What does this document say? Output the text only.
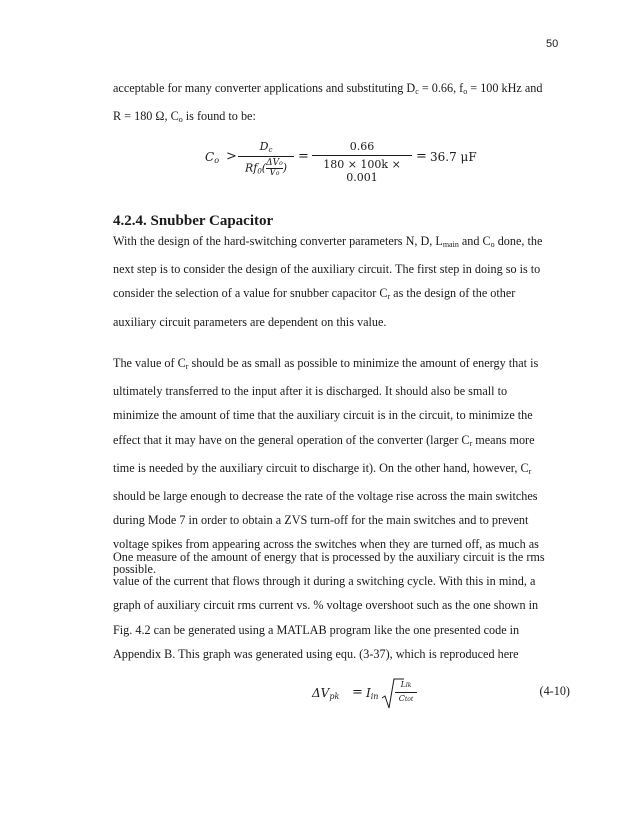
50
acceptable for many converter applications and substituting $D_c = 0.66$, $f_o = 100$ kHz and
R = 180 Ω, $C_o$ is found to be:
Co >
Dc
Rf0( ΔVo
Vo )
=
0.66
180 × 100k × 0.001
= 36.7 μF
4.2.4. Snubber Capacitor
With the design of the hard-switching converter parameters N, D, $L_{main}$ and $C_o$ done, the
next step is to consider the design of the auxiliary circuit. The first step in doing so is to
consider the selection of a value for snubber capacitor $C_r$ as the design of the other
auxiliary circuit parameters are dependent on this value.
The value of $C_r$ should be as small as possible to minimize the amount of energy that is
ultimately transferred to the input after it is discharged. It should also be small to
minimize the amount of time that the auxiliary circuit is in the circuit, to minimize the
effect that it may have on the general operation of the converter (larger $C_r$ means more
time is needed by the auxiliary circuit to discharge it). On the other hand, however, $C_r$
should be large enough to decrease the rate of the voltage rise across the main switches
during Mode 7 in order to obtain a ZVS turn-off for the main switches and to prevent
voltage spikes from appearing across the switches when they are turned off, as much as
possible.
One measure of the amount of energy that is processed by the auxiliary circuit is the rms
value of the current that flows through it during a switching cycle. With this in mind, a
graph of auxiliary circuit rms current vs. % voltage overshoot such as the one shown in
Fig. 4.2 can be generated using a MATLAB program like the one presented code in
Appendix B. This graph was generated using equ. (3-37), which is reproduced here
ΔVpk = Iin
Llk
Ctot
(4-10)
